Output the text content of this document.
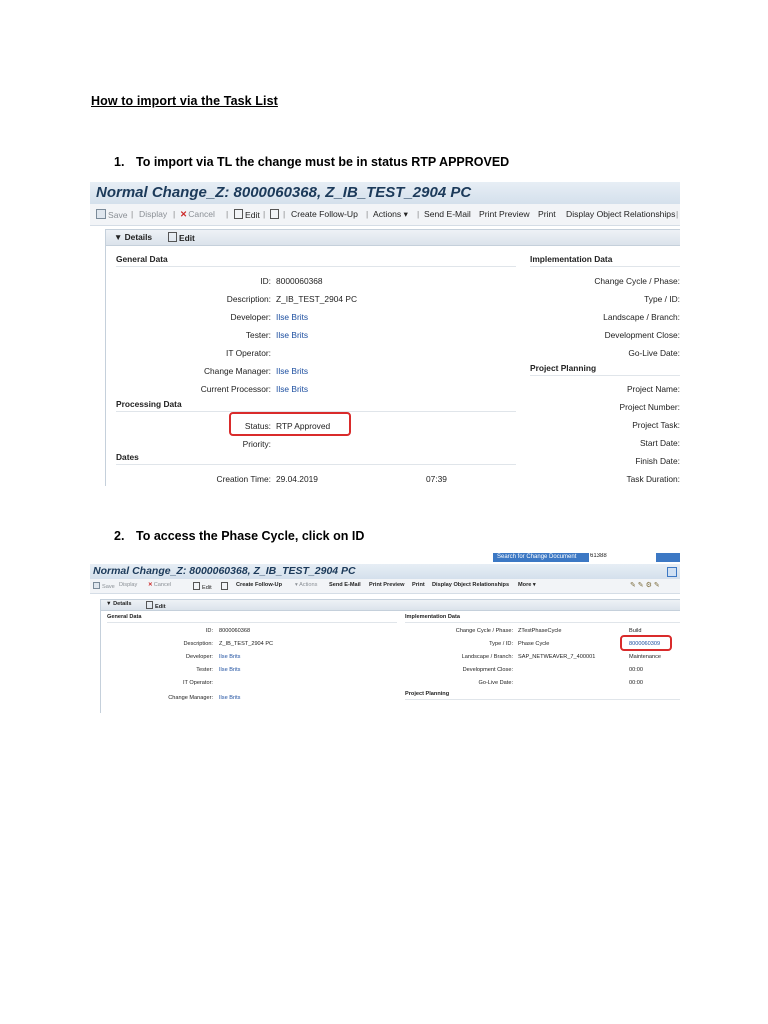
How to import via the Task List
1. To import via TL the change must be in status RTP APPROVED
Normal Change_Z: 8000060368, Z_IB_TEST_2904 PC
Save | Display | ✕Cancel |	Edit | | Create Follow-Up | Actions ▾ | Send E-Mail Print Preview Print Display Object Relationships |
▼ Details	Edit
General Data	Implementation Data
ID: 8000060368
Description: Z_IB_TEST_2904 PC
Developer: Ilse Brits
Tester: Ilse Brits
IT Operator:
Change Manager: Ilse Brits
Current Processor: Ilse Brits
Processing Data
Status: RTP Approved
Priority:
Dates
Creation Time: 29.04.2019	07:39
Change Cycle / Phase:
Type / ID:
Landscape / Branch:
Development Close:
Go-Live Date:
Project Planning
Project Name:
Project Number:
Project Task:
Start Date:
Finish Date:
Task Duration:
2. To access the Phase Cycle, click on ID
Search for Change Document	61388
Normal Change_Z: 8000060368, Z_IB_TEST_2904 PC
Save Display ✕Cancel	Edit	Create Follow-Up ▾ Actions Send E-Mail Print Preview Print Display Object Relationships More ▾	✎ ✎ ⚙ ✎
▼ Details	Edit
General Data	Implementation Data
ID: 8000060368
Description: Z_IB_TEST_2904 PC
Developer: Ilse Brits
Tester: Ilse Brits
IT Operator:
Change Manager: Ilse Brits
Change Cycle / Phase: ZTestPhaseCycle	Build
Type / ID: Phase Cycle	8000060309
Landscape / Branch: SAP_NETWEAVER_7_400001	Maintenance
Development Close:	00:00
Go-Live Date:	00:00
Project Planning
